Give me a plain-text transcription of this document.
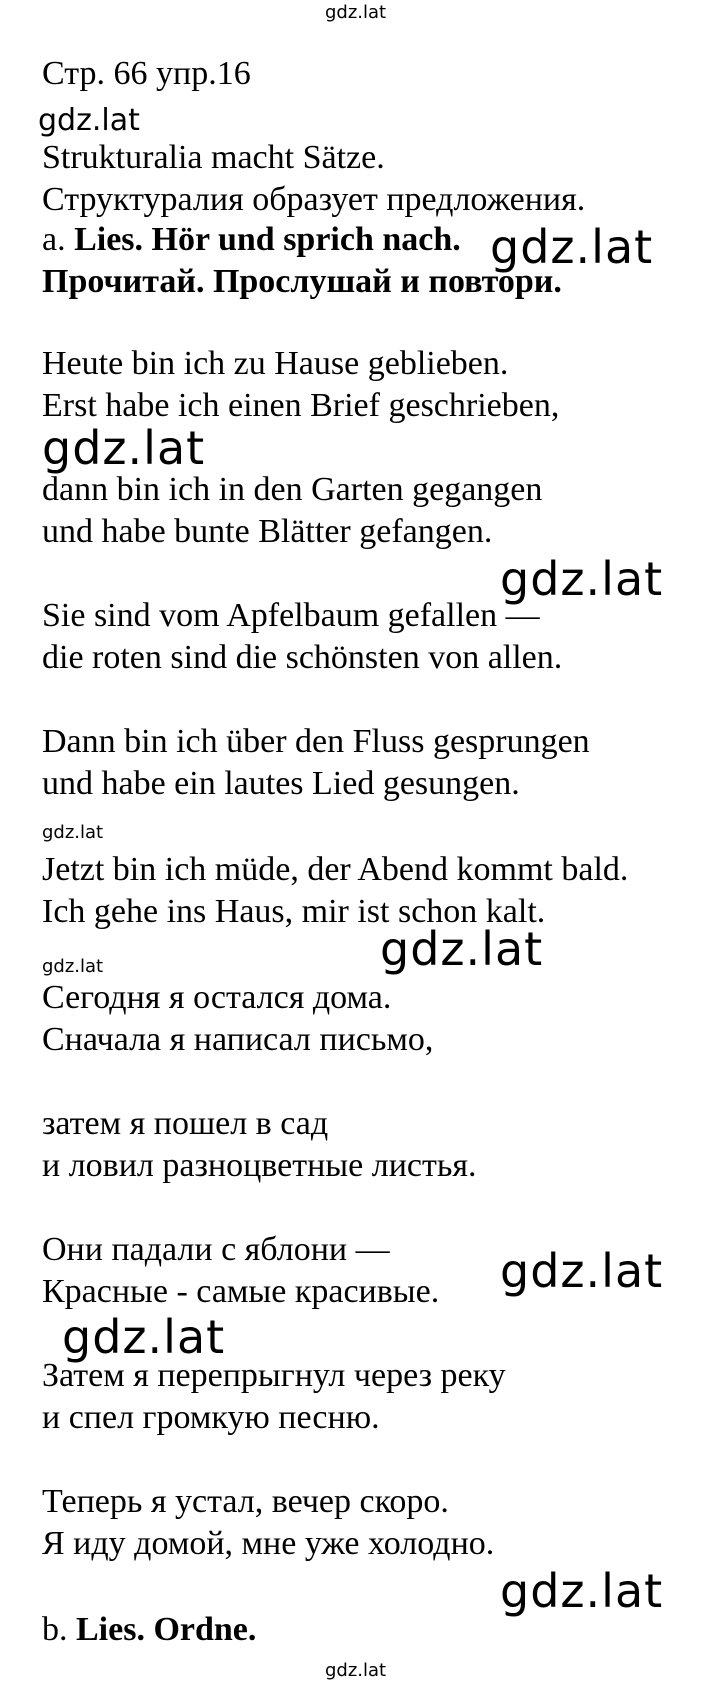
gdz.lat
gdz.lat
gdz.lat
gdz.lat
gdz.lat
gdz.lat
gdz.lat	gdz.lat
gdz.lat
gdz.lat
gdz.lat
gdz.lat
Стр. 66 упр.16
Strukturalia macht Sätze.
Структуралия образует предложения.
a. Lies. Hör und sprich nach.
Прочитай. Прослушай и повтори.
Heute bin ich zu Hause geblieben.
Erst habe ich einen Brief geschrieben,
dann bin ich in den Garten gegangen
und habe bunte Blätter gefangen.
Sie sind vom Apfelbaum gefallen —
die roten sind die schönsten von allen.
Dann bin ich über den Fluss gesprungen
und habe ein lautes Lied gesungen.
Jetzt bin ich müde, der Abend kommt bald.
Ich gehe ins Haus, mir ist schon kalt.
Сегодня я остался дома.
Сначала я написал письмо,
затем я пошел в сад
и ловил разноцветные листья.
Они падали с яблони —
Красные - самые красивые.
Затем я перепрыгнул через реку
и спел громкую песню.
Теперь я устал, вечер скоро.
Я иду домой, мне уже холодно.
b. Lies. Ordne.
